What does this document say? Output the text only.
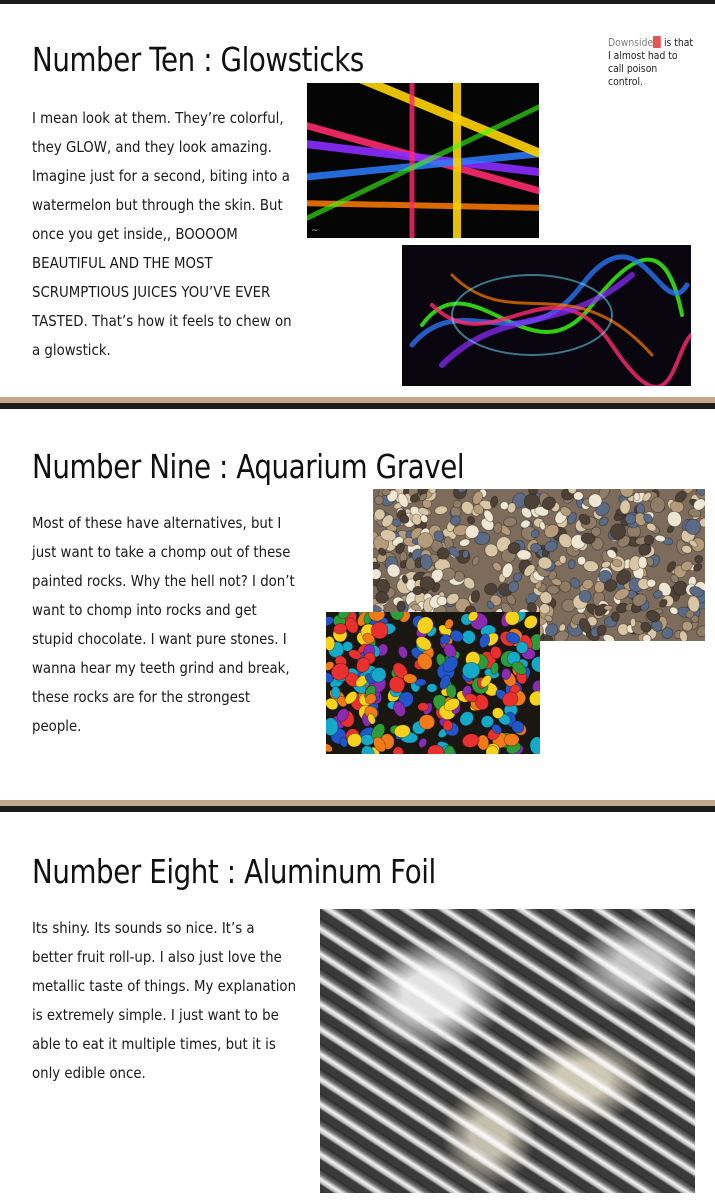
Number Ten : Glowsticks
I mean look at them. They’re colorful,
they GLOW, and they look amazing.
Imagine just for a second, biting into a
watermelon but through the skin. But
once you get inside,, BOOOOM
BEAUTIFUL AND THE MOST
SCRUMPTIOUS JUICES YOU’VE EVER
TASTED. That’s how it feels to chew on
a glowstick.
Downside is that
I almost had to
call poison
control.
~
Number Nine : Aquarium Gravel
Most of these have alternatives, but I
just want to take a chomp out of these
painted rocks. Why the hell not? I don’t
want to chomp into rocks and get
stupid chocolate. I want pure stones. I
wanna hear my teeth grind and break,
these rocks are for the strongest
people.
Number Eight : Aluminum Foil
Its shiny. Its sounds so nice. It’s a
better fruit roll-up. I also just love the
metallic taste of things. My explanation
is extremely simple. I just want to be
able to eat it multiple times, but it is
only edible once.
